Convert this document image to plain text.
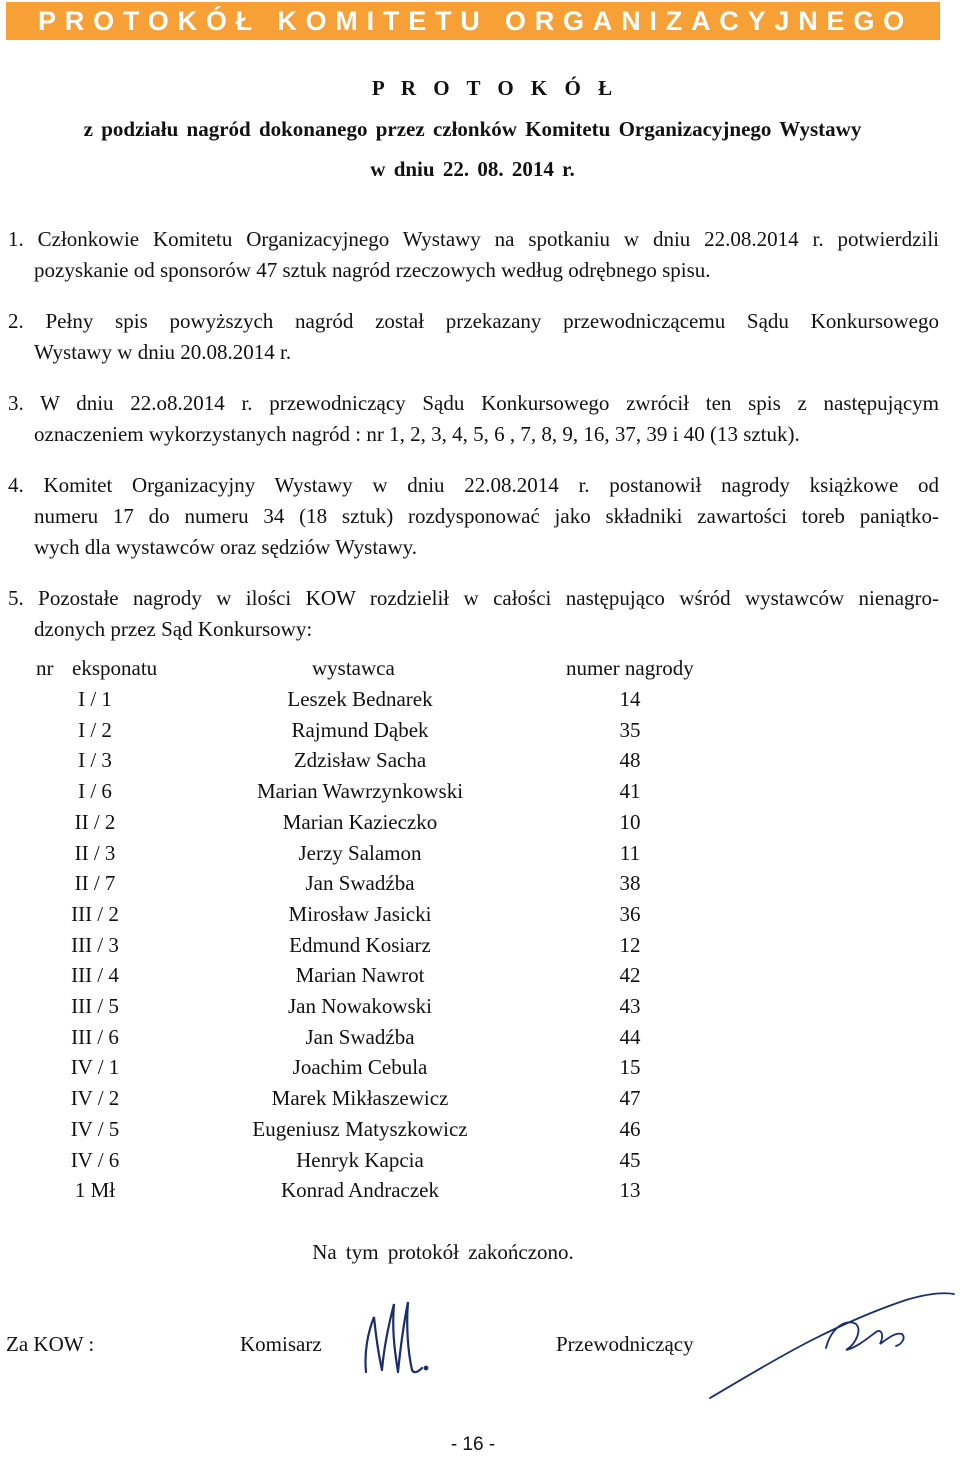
PROTOKÓŁ KOMITETU ORGANIZACYJNEGO
P R O T O K Ó Ł
z podziału nagród dokonanego przez członków Komitetu Organizacyjnego Wystawy
w dniu 22. 08. 2014 r.
1. Członkowie Komitetu Organizacyjnego Wystawy na spotkaniu w dniu 22.08.2014 r. potwierdzili
pozyskanie od sponsorów 47 sztuk nagród rzeczowych według odrębnego spisu.
2. Pełny spis powyższych nagród został przekazany przewodniczącemu Sądu Konkursowego
Wystawy w dniu 20.08.2014 r.
3. W dniu 22.o8.2014 r. przewodniczący Sądu Konkursowego zwrócił ten spis z następującym
oznaczeniem wykorzystanych nagród : nr 1, 2, 3, 4, 5, 6 , 7, 8, 9, 16, 37, 39 i 40 (13 sztuk).
4. Komitet Organizacyjny Wystawy w dniu 22.08.2014 r. postanowił nagrody książkowe od
numeru 17 do numeru 34 (18 sztuk) rozdysponować jako składniki zawartości toreb paniątko-
wych dla wystawców oraz sędziów Wystawy.
5. Pozostałe nagrody w ilości KOW rozdzielił w całości następująco wśród wystawców nienagro-
dzonych przez Sąd Konkursowy:
nr eksponatu	wystawca	numer nagrody
I / 1	Leszek Bednarek	14
I / 2	Rajmund Dąbek	35
I / 3	Zdzisław Sacha	48
I / 6	Marian Wawrzynkowski	41
II / 2	Marian Kazieczko	10
II / 3	Jerzy Salamon	11
II / 7	Jan Swadźba	38
III / 2	Mirosław Jasicki	36
III / 3	Edmund Kosiarz	12
III / 4	Marian Nawrot	42
III / 5	Jan Nowakowski	43
III / 6	Jan Swadźba	44
IV / 1	Joachim Cebula	15
IV / 2	Marek Mikłaszewicz	47
IV / 5	Eugeniusz Matyszkowicz	46
IV / 6	Henryk Kapcia	45
1 Mł	Konrad Andraczek	13
Na tym protokół zakończono.
Za KOW :	Komisarz	Przewodniczący
- 16 -
